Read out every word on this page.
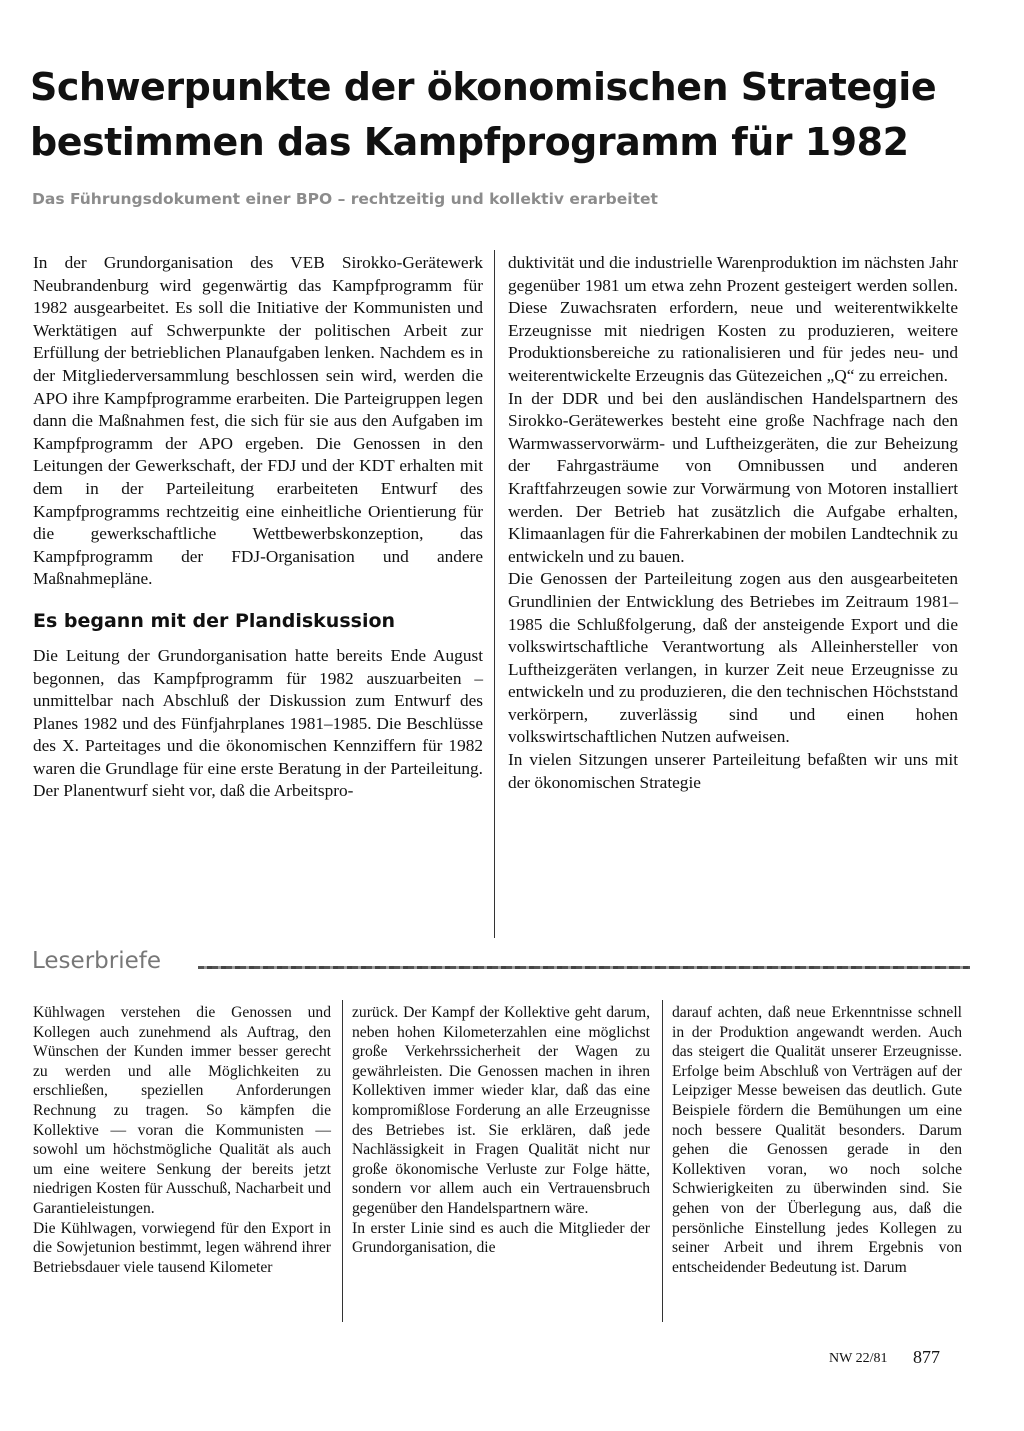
Schwerpunkte der ökonomischen Strategie
bestimmen das Kampfprogramm für 1982

Das Führungsdokument einer BPO – rechtzeitig und kollektiv erarbeitet

In der Grundorganisation des VEB Sirokko-Gerätewerk Neubrandenburg wird gegenwärtig das Kampfprogramm für 1982 ausgearbeitet. Es soll die Initiative der Kommunisten und Werktätigen auf Schwerpunkte der politischen Arbeit zur Erfüllung der betrieblichen Planaufgaben lenken. Nachdem es in der Mitgliederversammlung beschlossen sein wird, werden die APO ihre Kampfprogramme erarbeiten. Die Parteigruppen legen dann die Maßnahmen fest, die sich für sie aus den Aufgaben im Kampfprogramm der APO ergeben. Die Genossen in den Leitungen der Gewerkschaft, der FDJ und der KDT erhalten mit dem in der Parteileitung erarbeiteten Entwurf des Kampfprogramms rechtzeitig eine einheitliche Orientierung für die gewerkschaftliche Wettbewerbskonzeption, das Kampfprogramm der FDJ-Organisation und andere Maßnahmepläne.

Es begann mit der Plandiskussion

Die Leitung der Grundorganisation hatte bereits Ende August begonnen, das Kampfprogramm für 1982 auszuarbeiten – unmittelbar nach Abschluß der Diskussion zum Entwurf des Planes 1982 und des Fünfjahrplanes 1981–1985. Die Beschlüsse des X. Parteitages und die ökonomischen Kennziffern für 1982 waren die Grundlage für eine erste Beratung in der Parteileitung. Der Planentwurf sieht vor, daß die Arbeitspro-

duktivität und die industrielle Warenproduktion im nächsten Jahr gegenüber 1981 um etwa zehn Prozent gesteigert werden sollen. Diese Zuwachsraten erfordern, neue und weiterentwikkelte Erzeugnisse mit niedrigen Kosten zu produzieren, weitere Produktionsbereiche zu rationalisieren und für jedes neu- und weiterentwickelte Erzeugnis das Gütezeichen „Q“ zu erreichen.

In der DDR und bei den ausländischen Handelspartnern des Sirokko-Gerätewerkes besteht eine große Nachfrage nach den Warmwasservorwärm- und Luftheizgeräten, die zur Beheizung der Fahrgasträume von Omnibussen und anderen Kraftfahrzeugen sowie zur Vorwärmung von Motoren installiert werden. Der Betrieb hat zusätzlich die Aufgabe erhalten, Klimaanlagen für die Fahrerkabinen der mobilen Landtechnik zu entwickeln und zu bauen.

Die Genossen der Parteileitung zogen aus den ausgearbeiteten Grundlinien der Entwicklung des Betriebes im Zeitraum 1981–1985 die Schlußfolgerung, daß der ansteigende Export und die volkswirtschaftliche Verantwortung als Alleinhersteller von Luftheizgeräten verlangen, in kurzer Zeit neue Erzeugnisse zu entwickeln und zu produzieren, die den technischen Höchststand verkörpern, zuverlässig sind und einen hohen volkswirtschaftlichen Nutzen aufweisen.

In vielen Sitzungen unserer Parteileitung befaßten wir uns mit der ökonomischen Strategie

Leserbriefe

Kühlwagen verstehen die Genossen und Kollegen auch zunehmend als Auftrag, den Wünschen der Kunden immer besser gerecht zu werden und alle Möglichkeiten zu erschließen, speziellen Anforderungen Rechnung zu tragen. So kämpfen die Kollektive — voran die Kommunisten — sowohl um höchstmögliche Qualität als auch um eine weitere Senkung der bereits jetzt niedrigen Kosten für Ausschuß, Nacharbeit und Garantieleistungen.

Die Kühlwagen, vorwiegend für den Export in die Sowjetunion bestimmt, legen während ihrer Betriebsdauer viele tausend Kilometer

zurück. Der Kampf der Kollektive geht darum, neben hohen Kilometerzahlen eine möglichst große Verkehrssicherheit der Wagen zu gewährleisten. Die Genossen machen in ihren Kollektiven immer wieder klar, daß das eine kompromißlose Forderung an alle Erzeugnisse des Betriebes ist. Sie erklären, daß jede Nachlässigkeit in Fragen Qualität nicht nur große ökonomische Verluste zur Folge hätte, sondern vor allem auch ein Vertrauensbruch gegenüber den Handelspartnern wäre.

In erster Linie sind es auch die Mitglieder der Grundorganisation, die

darauf achten, daß neue Erkenntnisse schnell in der Produktion angewandt werden. Auch das steigert die Qualität unserer Erzeugnisse. Erfolge beim Abschluß von Verträgen auf der Leipziger Messe beweisen das deutlich. Gute Beispiele fördern die Bemühungen um eine noch bessere Qualität besonders. Darum gehen die Genossen gerade in den Kollektiven voran, wo noch solche Schwierigkeiten zu überwinden sind. Sie gehen von der Überlegung aus, daß die persönliche Einstellung jedes Kollegen zu seiner Arbeit und ihrem Ergebnis von entscheidender Bedeutung ist. Darum

NW 22/81 877
